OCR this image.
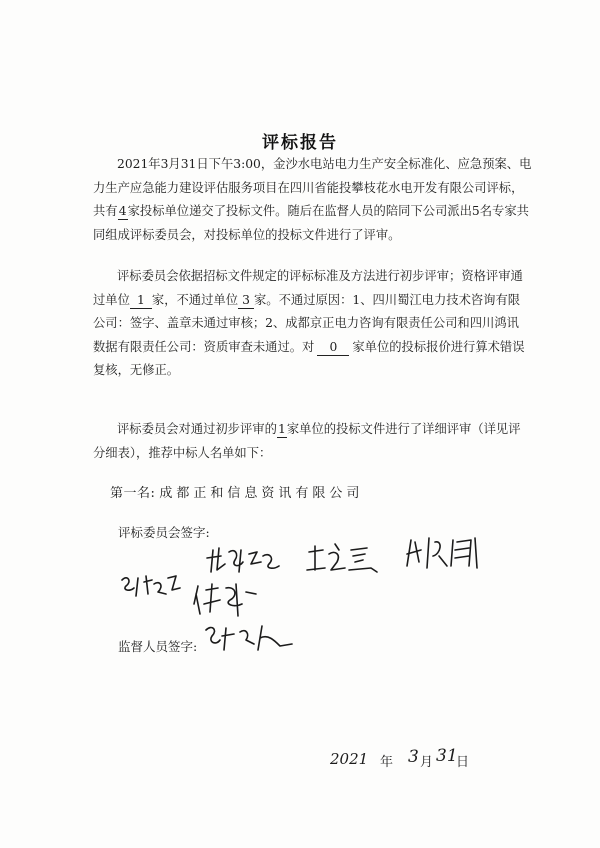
评标报告

2021年3月31日下午3:00，金沙水电站电力生产安全标准化、应急预案、电
力生产应急能力建设评估服务项目在四川省能投攀枝花水电开发有限公司评标，
共有4家投标单位递交了投标文件。随后在监督人员的陪同下公司派出5名专家共
同组成评标委员会，对投标单位的投标文件进行了评审。

评标委员会依据招标文件规定的评标标准及方法进行初步评审；资格评审通
过单位 1 家，不通过单位 3 家。不通过原因：1、四川蜀江电力技术咨询有限
公司：签字、盖章未通过审核；2、成都京正电力咨询有限责任公司和四川鸿讯
数据有限责任公司：资质审查未通过。对 0 家单位的投标报价进行算术错误
复核，无修正。

评标委员会对通过初步评审的1家单位的投标文件进行了详细评审（详见评
分细表），推荐中标人名单如下：

第一名: 成都正和信息资讯有限公司
评标委员会签字:
监督人员签字:
2021 年 3 月 31
日
